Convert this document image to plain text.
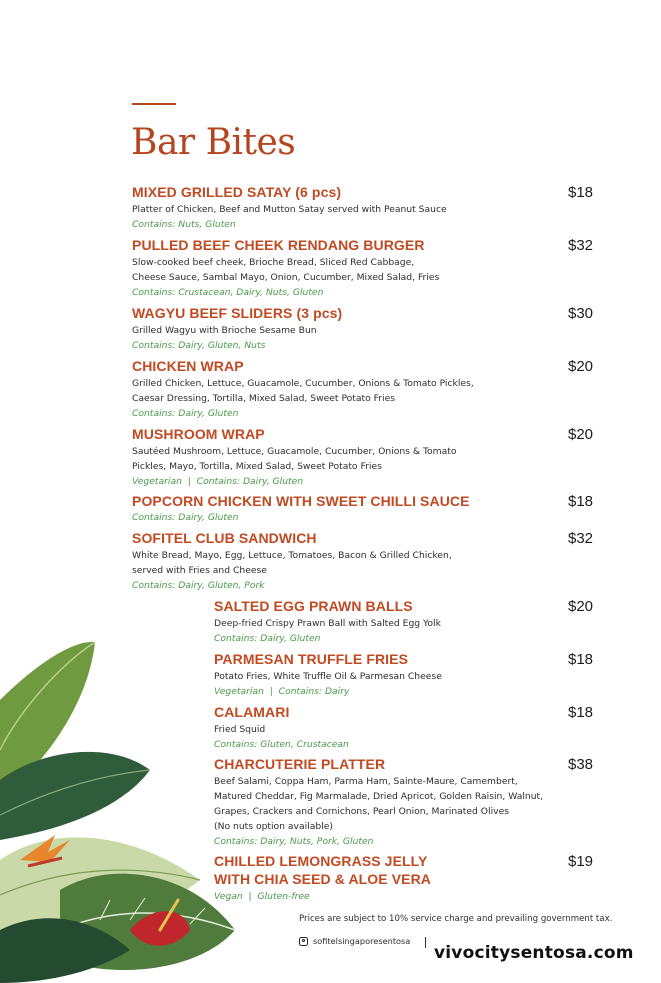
Bar Bites
MIXED GRILLED SATAY (6 pcs)
Platter of Chicken, Beef and Mutton Satay served with Peanut Sauce
Contains: Nuts, Gluten
$18
PULLED BEEF CHEEK RENDANG BURGER
Slow-cooked beef cheek, Brioche Bread, Sliced Red Cabbage,
Cheese Sauce, Sambal Mayo, Onion, Cucumber, Mixed Salad, Fries
Contains: Crustacean, Dairy, Nuts, Gluten
$32
WAGYU BEEF SLIDERS (3 pcs)
Grilled Wagyu with Brioche Sesame Bun
Contains: Dairy, Gluten, Nuts
$30
CHICKEN WRAP
Grilled Chicken, Lettuce, Guacamole, Cucumber, Onions & Tomato Pickles,
Caesar Dressing, Tortilla, Mixed Salad, Sweet Potato Fries
Contains: Dairy, Gluten
$20
MUSHROOM WRAP
Sautéed Mushroom, Lettuce, Guacamole, Cucumber, Onions & Tomato
Pickles, Mayo, Tortilla, Mixed Salad, Sweet Potato Fries
Vegetarian  |  Contains: Dairy, Gluten
$20
POPCORN CHICKEN WITH SWEET CHILLI SAUCE
Contains: Dairy, Gluten
$18
SOFITEL CLUB SANDWICH
White Bread, Mayo, Egg, Lettuce, Tomatoes, Bacon & Grilled Chicken,
served with Fries and Cheese
Contains: Dairy, Gluten, Pork
$32
SALTED EGG PRAWN BALLS
Deep-fried Crispy Prawn Ball with Salted Egg Yolk
Contains: Dairy, Gluten
$20
PARMESAN TRUFFLE FRIES
Potato Fries, White Truffle Oil & Parmesan Cheese
Vegetarian  |  Contains: Dairy
$18
CALAMARI
Fried Squid
Contains: Gluten, Crustacean
$18
CHARCUTERIE PLATTER
Beef Salami, Coppa Ham, Parma Ham, Sainte-Maure, Camembert,
Matured Cheddar, Fig Marmalade, Dried Apricot, Golden Raisin, Walnut,
Grapes, Crackers and Cornichons, Pearl Onion, Marinated Olives
(No nuts option available)
Contains: Dairy, Nuts, Pork, Gluten
$38
CHILLED LEMONGRASS JELLY
WITH CHIA SEED & ALOE VERA
Vegan  |  Gluten-free
$19
Prices are subject to 10% service charge and prevailing government tax.
sofitelsingaporesentosa
vivocitysentosa.com
